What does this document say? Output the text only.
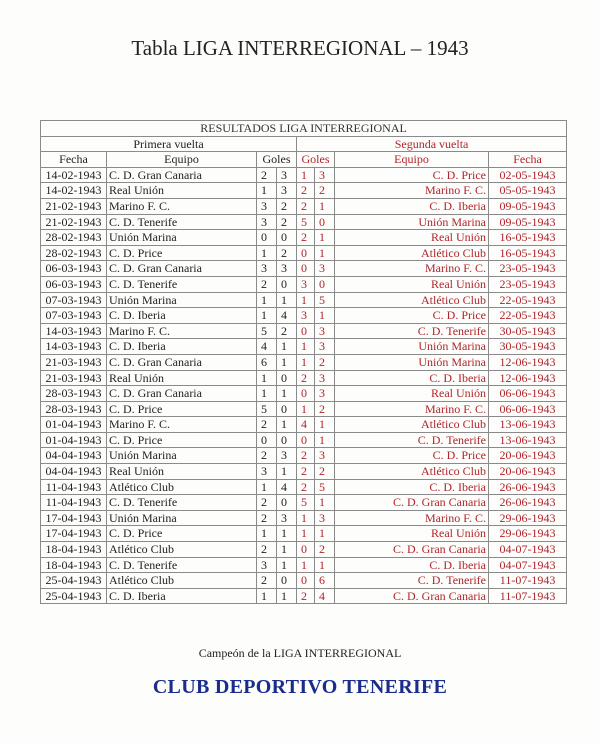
Tabla LIGA INTERREGIONAL – 1943
RESULTADOS LIGA INTERREGIONAL							
Primera vuelta				Segunda vuelta			
Fecha	Equipo	Goles		Goles		Equipo	Fecha
14-02-1943	C. D. Gran Canaria	2	3	1	3	C. D. Price	02-05-1943
14-02-1943	Real Unión	1	3	2	2	Marino F. C.	05-05-1943
21-02-1943	Marino F. C.	3	2	2	1	C. D. Iberia	09-05-1943
21-02-1943	C. D. Tenerife	3	2	5	0	Unión Marina	09-05-1943
28-02-1943	Unión Marina	0	0	2	1	Real Unión	16-05-1943
28-02-1943	C. D. Price	1	2	0	1	Atlético Club	16-05-1943
06-03-1943	C. D. Gran Canaria	3	3	0	3	Marino F. C.	23-05-1943
06-03-1943	C. D. Tenerife	2	0	3	0	Real Unión	23-05-1943
07-03-1943	Unión Marina	1	1	1	5	Atlético Club	22-05-1943
07-03-1943	C. D. Iberia	1	4	3	1	C. D. Price	22-05-1943
14-03-1943	Marino F. C.	5	2	0	3	C. D. Tenerife	30-05-1943
14-03-1943	C. D. Iberia	4	1	1	3	Unión Marina	30-05-1943
21-03-1943	C. D. Gran Canaria	6	1	1	2	Unión Marina	12-06-1943
21-03-1943	Real Unión	1	0	2	3	C. D. Iberia	12-06-1943
28-03-1943	C. D. Gran Canaria	1	1	0	3	Real Unión	06-06-1943
28-03-1943	C. D. Price	5	0	1	2	Marino F. C.	06-06-1943
01-04-1943	Marino F. C.	2	1	4	1	Atlético Club	13-06-1943
01-04-1943	C. D. Price	0	0	0	1	C. D. Tenerife	13-06-1943
04-04-1943	Unión Marina	2	3	2	3	C. D. Price	20-06-1943
04-04-1943	Real Unión	3	1	2	2	Atlético Club	20-06-1943
11-04-1943	Atlético Club	1	4	2	5	C. D. Iberia	26-06-1943
11-04-1943	C. D. Tenerife	2	0	5	1	C. D. Gran Canaria	26-06-1943
17-04-1943	Unión Marina	2	3	1	3	Marino F. C.	29-06-1943
17-04-1943	C. D. Price	1	1	1	1	Real Unión	29-06-1943
18-04-1943	Atlético Club	2	1	0	2	C. D. Gran Canaria	04-07-1943
18-04-1943	C. D. Tenerife	3	1	1	1	C. D. Iberia	04-07-1943
25-04-1943	Atlético Club	2	0	0	6	C. D. Tenerife	11-07-1943
25-04-1943	C. D. Iberia	1	1	2	4	C. D. Gran Canaria	11-07-1943
Campeón de la LIGA INTERREGIONAL
CLUB DEPORTIVO TENERIFE
